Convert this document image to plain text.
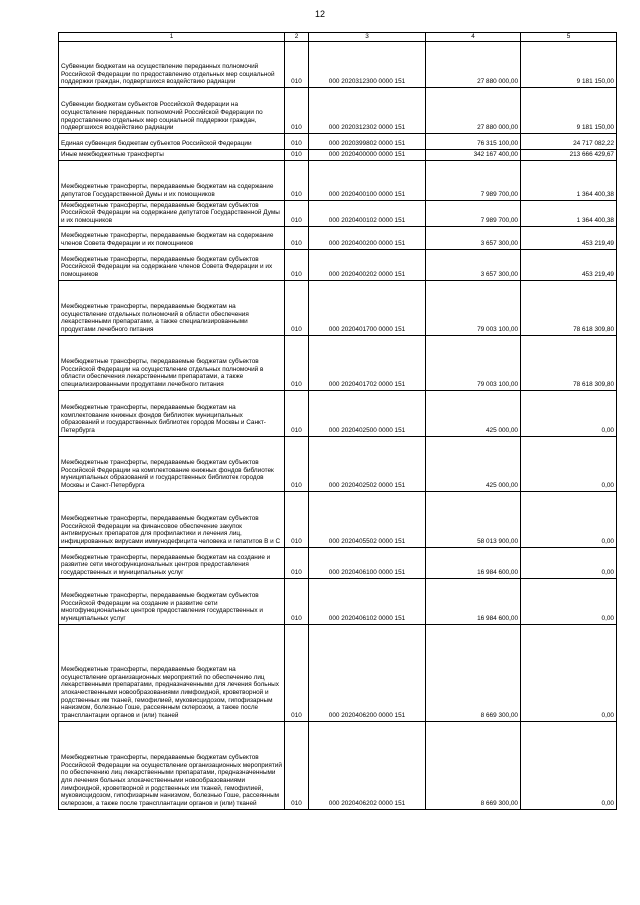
12
1	2	3	4	5
Субвенции бюджетам на осуществление переданных полномочий Российской Федерации по предоставлению отдельных мер социальной поддержки граждан, подвергшихся воздействию радиации	010	000 2020312300 0000 151	27 880 000,00	9 181 150,00
Субвенции бюджетам субъектов Российской Федерации на осуществление переданных полномочий Российской Федерации по предоставлению отдельных мер социальной поддержки граждан, подвергшихся воздействию радиации	010	000 2020312302 0000 151	27 880 000,00	9 181 150,00
Единая субвенция бюджетам субъектов Российской Федерации	010	000 2020399802 0000 151	76 315 100,00	24 717 082,22
Иные межбюджетные трансферты	010	000 2020400000 0000 151	342 167 400,00	213 666 429,67
Межбюджетные трансферты, передаваемые бюджетам на содержание депутатов Государственной Думы и их помощников	010	000 2020400100 0000 151	7 989 700,00	1 364 400,38
Межбюджетные трансферты, передаваемые бюджетам субъектов Российской Федерации на содержание депутатов Государственной Думы и их помощников	010	000 2020400102 0000 151	7 989 700,00	1 364 400,38
Межбюджетные трансферты, передаваемые бюджетам на содержание членов Совета Федерации и их помощников	010	000 2020400200 0000 151	3 657 300,00	453 219,49
Межбюджетные трансферты, передаваемые бюджетам субъектов Российской Федерации на содержание членов Совета Федерации и их помощников	010	000 2020400202 0000 151	3 657 300,00	453 219,49
Межбюджетные трансферты, передаваемые бюджетам на осуществление отдельных полномочий в области обеспечения лекарственными препаратами, а также специализированными продуктами лечебного питания	010	000 2020401700 0000 151	79 003 100,00	78 618 309,80
Межбюджетные трансферты, передаваемые бюджетам субъектов Российской Федерации на осуществление отдельных полномочий в области обеспечения лекарственными препаратами, а также специализированными продуктами лечебного питания	010	000 2020401702 0000 151	79 003 100,00	78 618 309,80
Межбюджетные трансферты, передаваемые бюджетам на комплектование книжных фондов библиотек муниципальных образований и государственных библиотек городов Москвы и Санкт-Петербурга	010	000 2020402500 0000 151	425 000,00	0,00
Межбюджетные трансферты, передаваемые бюджетам субъектов Российской Федерации на комплектование книжных фондов библиотек муниципальных образований и государственных библиотек городов Москвы и Санкт-Петербурга	010	000 2020402502 0000 151	425 000,00	0,00
Межбюджетные трансферты, передаваемые бюджетам субъектов Российской Федерации на финансовое обеспечение закупок антивирусных препаратов для профилактики и лечения лиц, инфицированных вирусами иммунодефицита человека и гепатитов B и C	010	000 2020405502 0000 151	58 013 900,00	0,00
Межбюджетные трансферты, передаваемые бюджетам на создание и развитие сети многофункциональных центров предоставления государственных и муниципальных услуг	010	000 2020406100 0000 151	16 984 600,00	0,00
Межбюджетные трансферты, передаваемые бюджетам субъектов Российской Федерации на создание и развитие сети многофункциональных центров предоставления государственных и муниципальных услуг	010	000 2020406102 0000 151	16 984 600,00	0,00
Межбюджетные трансферты, передаваемые бюджетам на осуществление организационных мероприятий по обеспечению лиц лекарственными препаратами, предназначенными для лечения больных злокачественными новообразованиями лимфоидной, кроветворной и родственных им тканей, гемофилией, муковисцидозом, гипофизарным нанизмом, болезнью Гоше, рассеянным склерозом, а также после трансплантации органов и (или) тканей	010	000 2020406200 0000 151	8 669 300,00	0,00
Межбюджетные трансферты, передаваемые бюджетам субъектов Российской Федерации на осуществление организационных мероприятий по обеспечению лиц лекарственными препаратами, предназначенными для лечения больных злокачественными новообразованиями лимфоидной, кроветворной и родственных им тканей, гемофилией, муковисцидозом, гипофизарным нанизмом, болезнью Гоше, рассеянным склерозом, а также после трансплантации органов и (или) тканей	010	000 2020406202 0000 151	8 669 300,00	0,00
